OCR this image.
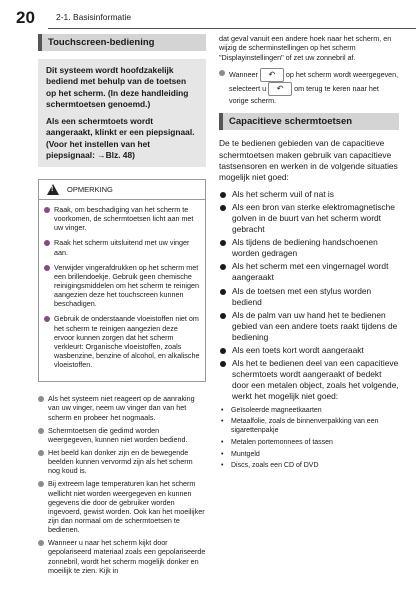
20 2-1. Basisinformatie
Touchscreen-bediening

Dit systeem wordt hoofdzakelijk bediend met behulp van de toetsen op het scherm. (In deze handleiding schermtoetsen genoemd.)

Als een schermtoets wordt aangeraakt, klinkt er een piepsignaal. (Voor het instellen van het piepsignaal: →Blz. 48)

!
OPMERKING
Raak, om beschadiging van het scherm te voorkomen, de schermtoetsen licht aan met uw vinger.
Raak het scherm uitsluitend met uw vinger aan.
Verwijder vingerafdrukken op het scherm met een brillendoekje. Gebruik geen chemische reinigingsmiddelen om het scherm te reinigen aangezien deze het touchscreen kunnen beschadigen.
Gebruik de onderstaande vloeistoffen niet om het scherm te reinigen aangezien deze ervoor kunnen zorgen dat het scherm verkleurt: Organische vloeistoffen, zoals wasbenzine, benzine of alcohol, en alkalische vloeistoffen.
Als het systeem niet reageert op de aanraking van uw vinger, neem uw vinger dan van het scherm en probeer het nogmaals.
Schermtoetsen die gedimd worden weergegeven, kunnen niet worden bediend.
Het beeld kan donker zijn en de bewegende beelden kunnen vervormd zijn als het scherm nog koud is.
Bij extreem lage temperaturen kan het scherm wellicht niet worden weergegeven en kunnen gegevens die door de gebruiker worden ingevoerd, gewist worden. Ook kan het moeilijker zijn dan normaal om de schermtoetsen te bedienen.
Wanneer u naar het scherm kijkt door gepolariseerd materiaal zoals een gepolariseerde zonnebril, wordt het scherm mogelijk donker en moeilijk te zien. Kijk in

dat geval vanuit een andere hoek naar het scherm, en wijzig de scherminstellingen op het scherm "Displayinstellingen" of zet uw zonnebril af.

Wanneer ↶ op het scherm wordt weergegeven, selecteert u ↶ om terug te keren naar het vorige scherm.

Capacitieve schermtoetsen

De te bedienen gebieden van de capacitieve schermtoetsen maken gebruik van capacitieve tastsensoren en werken in de volgende situaties mogelijk niet goed:

Als het scherm vuil of nat is
Als een bron van sterke elektromagnetische golven in de buurt van het scherm wordt gebracht
Als tijdens de bediening handschoenen worden gedragen
Als het scherm met een vingernagel wordt aangeraakt
Als de toetsen met een stylus worden bediend
Als de palm van uw hand het te bedienen gebied van een andere toets raakt tijdens de bediening
Als een toets kort wordt aangeraakt
Als het te bedienen deel van een capacitieve schermtoets wordt aangeraakt of bedekt door een metalen object, zoals het volgende, werkt het mogelijk niet goed:
• Geïsoleerde magneetkaarten
• Metaalfolie, zoals de binnenverpakking van een sigarettenpakje
• Metalen portemonnees of tassen
• Muntgeld
• Discs, zoals een CD of DVD
